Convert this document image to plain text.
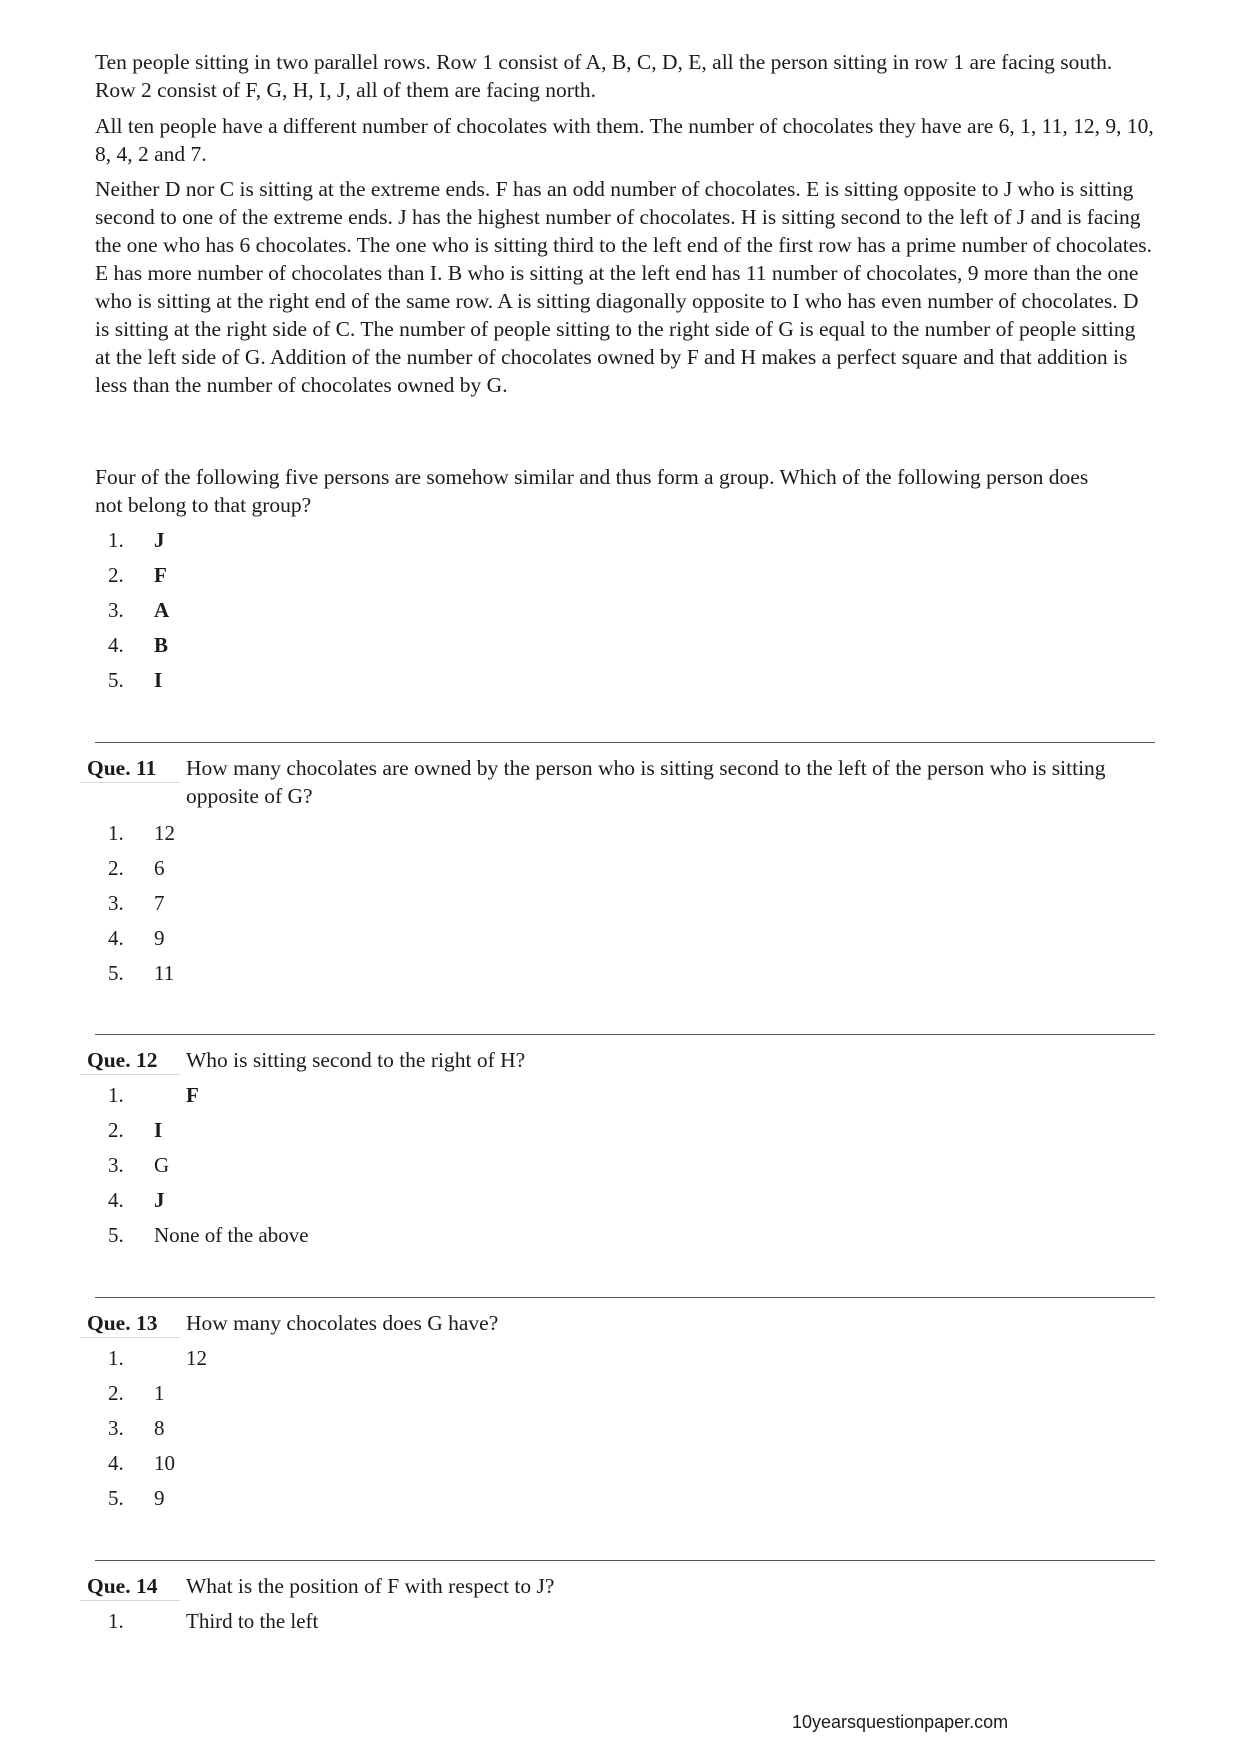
Ten people sitting in two parallel rows. Row 1 consist of A, B, C, D, E, all the person sitting in row 1 are facing south. Row 2 consist of F, G, H, I, J, all of them are facing north.

All ten people have a different number of chocolates with them. The number of chocolates they have are 6, 1, 11, 12, 9, 10, 8, 4, 2 and 7.

Neither D nor C is sitting at the extreme ends. F has an odd number of chocolates. E is sitting opposite to J who is sitting second to one of the extreme ends. J has the highest number of chocolates. H is sitting second to the left of J and is facing the one who has 6 chocolates. The one who is sitting third to the left end of the first row has a prime number of chocolates. E has more number of chocolates than I. B who is sitting at the left end has 11 number of chocolates, 9 more than the one who is sitting at the right end of the same row. A is sitting diagonally opposite to I who has even number of chocolates. D is sitting at the right side of C. The number of people sitting to the right side of G is equal to the number of people sitting at the left side of G. Addition of the number of chocolates owned by F and H makes a perfect square and that addition is less than the number of chocolates owned by G.

Four of the following five persons are somehow similar and thus form a group. Which of the following person does not belong to that group?

1.	J
2.	F
3.	A
4.	B
5.	I
Que. 11	How many chocolates are owned by the person who is sitting second to the left of the person who is sitting opposite of G?
1.	12
2.	6
3.	7
4.	9
5.	11
Que. 12	Who is sitting second to the right of H?
1.	F
2.	I
3.	G
4.	J
5.	None of the above
Que. 13	How many chocolates does G have?
1.	12
2.	1
3.	8
4.	10
5.	9
Que. 14	What is the position of F with respect to J?
1.	Third to the left
10yearsquestionpaper.com
